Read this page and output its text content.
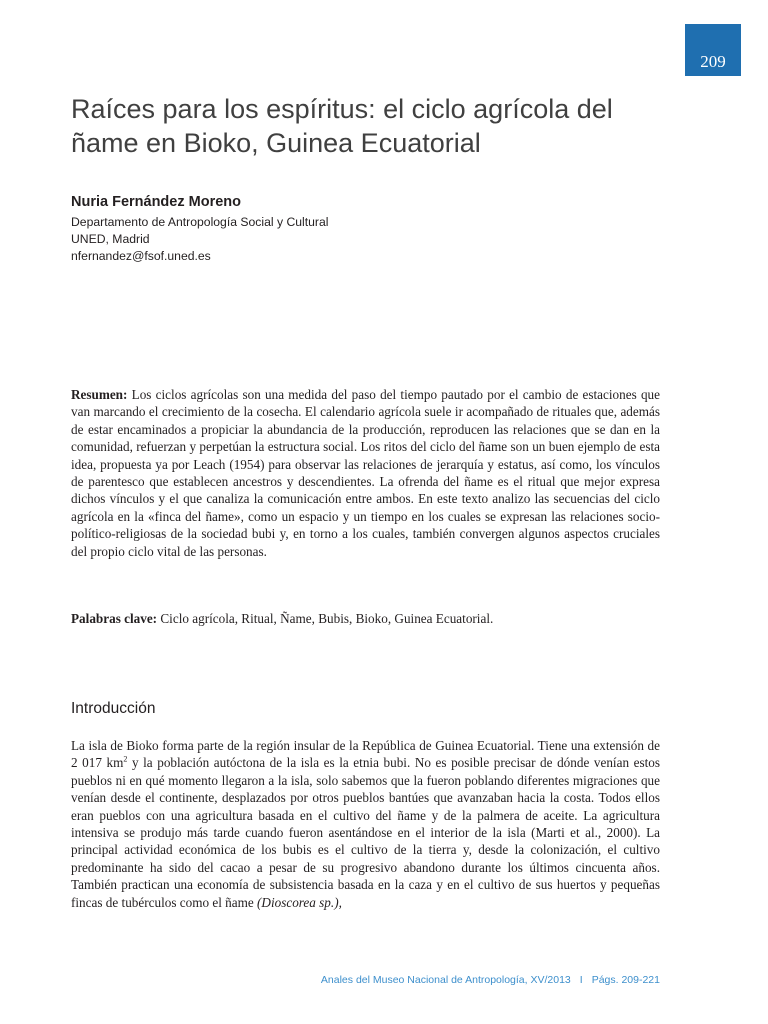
209
Raíces para los espíritus: el ciclo agrícola del ñame en Bioko, Guinea Ecuatorial
Nuria Fernández Moreno
Departamento de Antropología Social y Cultural
UNED, Madrid
nfernandez@fsof.uned.es

Resumen: Los ciclos agrícolas son una medida del paso del tiempo pautado por el cambio de estaciones que van marcando el crecimiento de la cosecha. El calendario agrícola suele ir acompañado de rituales que, además de estar encaminados a propiciar la abundancia de la producción, reproducen las relaciones que se dan en la comunidad, refuerzan y perpetúan la estructura social. Los ritos del ciclo del ñame son un buen ejemplo de esta idea, propuesta ya por Leach (1954) para observar las relaciones de jerarquía y estatus, así como, los vínculos de parentesco que establecen ancestros y descendientes. La ofrenda del ñame es el ritual que mejor expresa dichos vínculos y el que canaliza la comunicación entre ambos. En este texto analizo las secuencias del ciclo agrícola en la «finca del ñame», como un espacio y un tiempo en los cuales se expresan las relaciones socio-político-religiosas de la sociedad bubi y, en torno a los cuales, también convergen algunos aspectos cruciales del propio ciclo vital de las personas.

Palabras clave: Ciclo agrícola, Ritual, Ñame, Bubis, Bioko, Guinea Ecuatorial.

Introducción

La isla de Bioko forma parte de la región insular de la República de Guinea Ecuatorial. Tiene una extensión de 2 017 $km^2$ y la población autóctona de la isla es la etnia bubi. No es posible precisar de dónde venían estos pueblos ni en qué momento llegaron a la isla, solo sabemos que la fueron poblando diferentes migraciones que venían desde el continente, desplazados por otros pueblos bantúes que avanzaban hacia la costa. Todos ellos eran pueblos con una agricultura basada en el cultivo del ñame y de la palmera de aceite. La agricultura intensiva se produjo más tarde cuando fueron asentándose en el interior de la isla (Marti et al., 2000). La principal actividad económica de los bubis es el cultivo de la tierra y, desde la colonización, el cultivo predominante ha sido del cacao a pesar de su progresivo abandono durante los últimos cincuenta años. También practican una economía de subsistencia basada en la caza y en el cultivo de sus huertos y pequeñas fincas de tubérculos como el ñame (Dioscorea sp.),

Anales del Museo Nacional de Antropología, XV/2013 I Págs. 209-221
